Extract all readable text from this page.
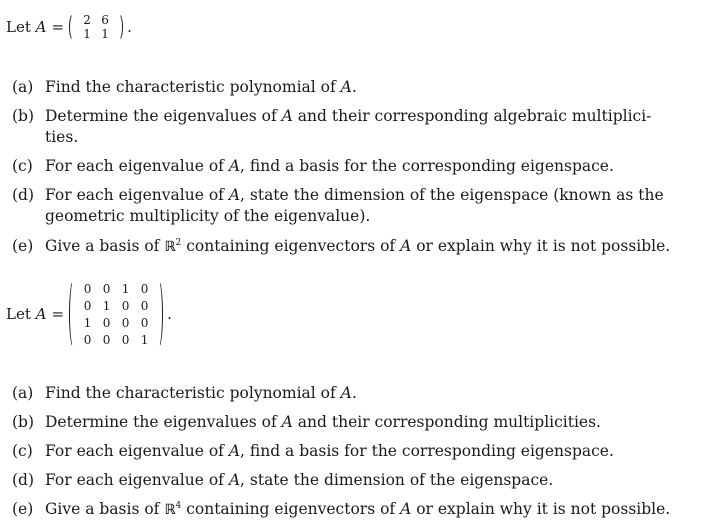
Let A = 2	6
1	1 .
(a) Find the characteristic polynomial of A.
(b) Determine the eigenvalues of A and their corresponding algebraic multiplici-
ties.
(c) For each eigenvalue of A, find a basis for the corresponding eigenspace.
(d) For each eigenvalue of A, state the dimension of the eigenspace (known as the
geometric multiplicity of the eigenvalue).
(e) Give a basis of ℝ$^2$ containing eigenvectors of A or explain why it is not possible.
Let A =
0	0	1	0
0	1	0	0
1	0	0	0
0	0	0	1
.
(a) Find the characteristic polynomial of A.
(b) Determine the eigenvalues of A and their corresponding multiplicities.
(c) For each eigenvalue of A, find a basis for the corresponding eigenspace.
(d) For each eigenvalue of A, state the dimension of the eigenspace.
(e) Give a basis of ℝ$^4$ containing eigenvectors of A or explain why it is not possible.
